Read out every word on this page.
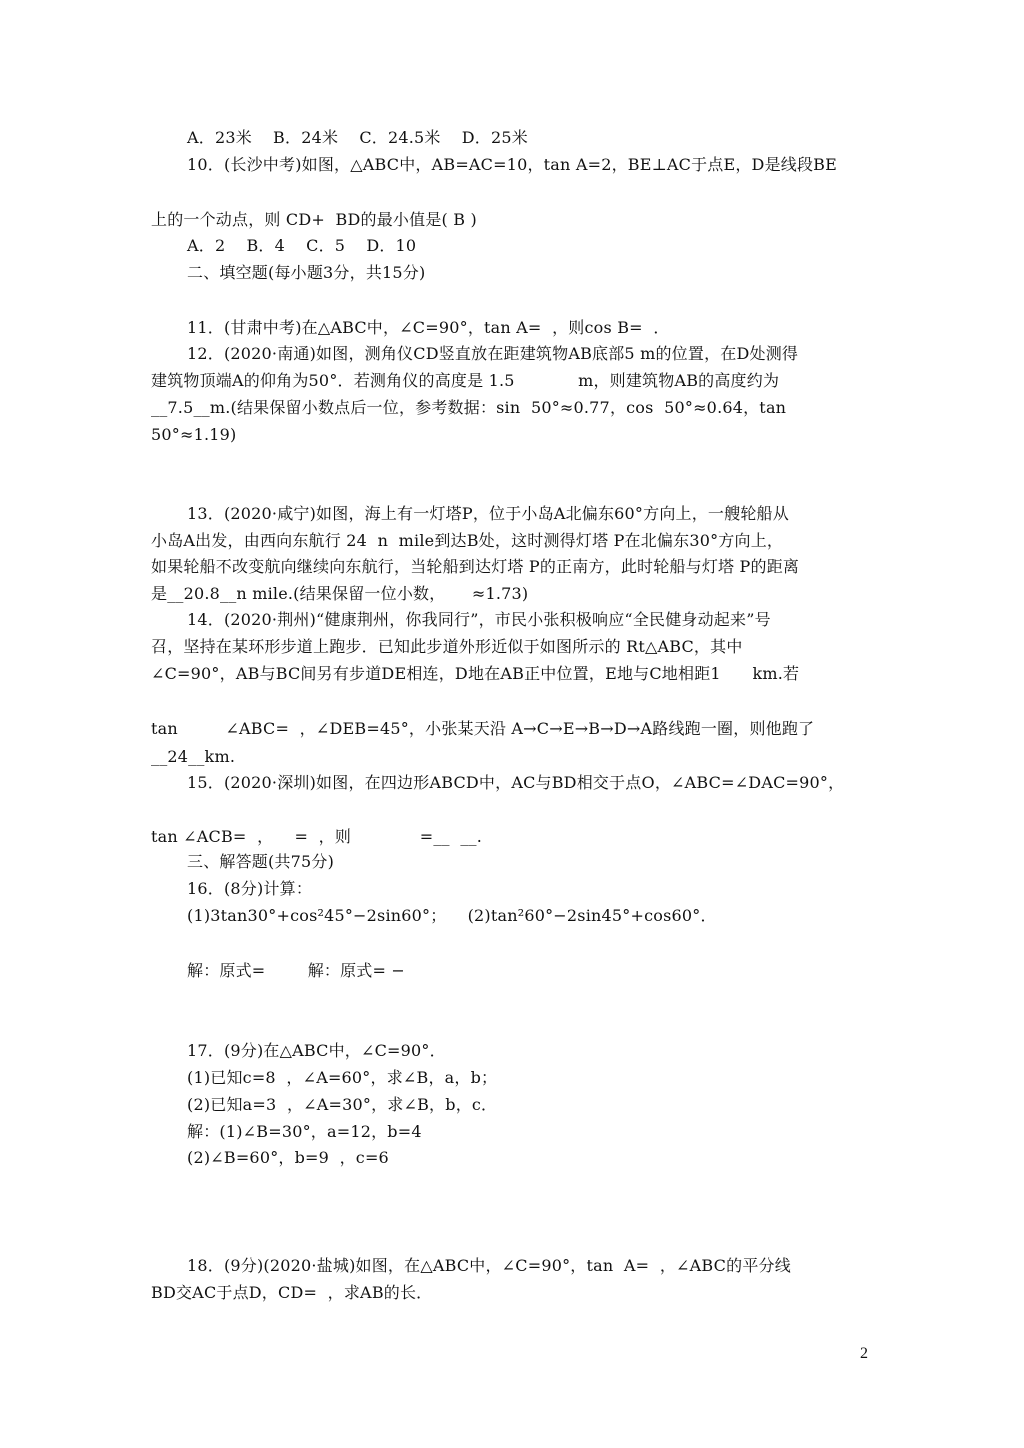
A．23米    B．24米    C．24.5米    D．25米
10．(长沙中考)如图，△ABC中，AB=AC=10，tan A=2，BE⊥AC于点E，D是线段BE
上的一个动点，则 CD+  BD的最小值是( B )
A．2    B．4    C．5    D．10
二、填空题(每小题3分，共15分)
11．(甘肃中考)在△ABC中，∠C=90°，tan A=  ，则cos B=  ．
12．(2020·南通)如图，测角仪CD竖直放在距建筑物AB底部5 m的位置，在D处测得
建筑物顶端A的仰角为50°．若测角仪的高度是 1.5            m，则建筑物AB的高度约为
__7.5__m.(结果保留小数点后一位，参考数据：sin  50°≈0.77，cos  50°≈0.64，tan
50°≈1.19)
13．(2020·咸宁)如图，海上有一灯塔P，位于小岛A北偏东60°方向上，一艘轮船从
小岛A出发，由西向东航行 24  n  mile到达B处，这时测得灯塔 P在北偏东30°方向上，
如果轮船不改变航向继续向东航行，当轮船到达灯塔 P的正南方，此时轮船与灯塔 P的距离
是__20.8__n mile.(结果保留一位小数，     ≈1.73)
14．(2020·荆州)“健康荆州，你我同行”，市民小张积极响应“全民健身动起来”号
召，坚持在某环形步道上跑步．已知此步道外形近似于如图所示的 Rt△ABC，其中
∠C=90°，AB与BC间另有步道DE相连，D地在AB正中位置，E地与C地相距1      km.若
tan         ∠ABC=  ，∠DEB=45°，小张某天沿 A→C→E→B→D→A路线跑一圈，则他跑了
__24__km.
15．(2020·深圳)如图，在四边形ABCD中，AC与BD相交于点O，∠ABC=∠DAC=90°，
tan ∠ACB=  ，    =  ，则             =__  __.
三、解答题(共75分)
16．(8分)计算：
(1)3tan30°+cos²45°−2sin60°；    (2)tan²60°−2sin45°+cos60°．
解：原式=        解：原式= −
17．(9分)在△ABC中，∠C=90°．
(1)已知c=8  ，∠A=60°，求∠B，a，b；
(2)已知a=3  ，∠A=30°，求∠B，b，c．
解：(1)∠B=30°，a=12，b=4
(2)∠B=60°，b=9  ，c=6
18．(9分)(2020·盐城)如图，在△ABC中，∠C=90°，tan  A=  ，∠ABC的平分线
BD交AC于点D，CD=  ，求AB的长．
2
